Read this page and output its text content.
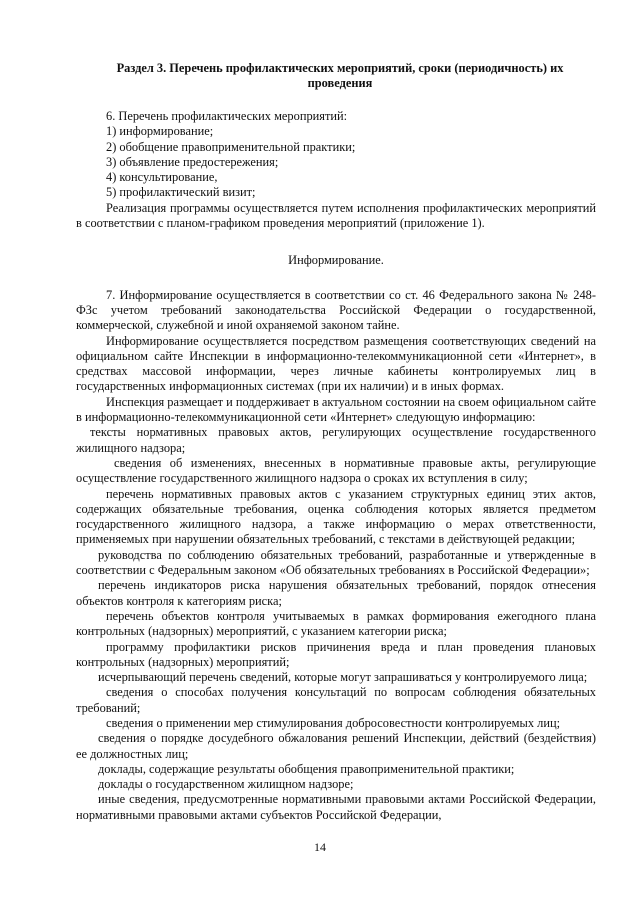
Раздел 3. Перечень профилактических мероприятий, сроки (периодичность) их проведения

6. Перечень профилактических мероприятий:

1) информирование;

2) обобщение правоприменительной практики;

3) объявление предостережения;

4) консультирование,

5) профилактический визит;

Реализация программы осуществляется путем исполнения профилактических мероприятий в соответствии с планом-графиком проведения мероприятий (приложение 1).

Информирование.

7. Информирование осуществляется в соответствии со ст. 46 Федерального закона № 248-ФЗс учетом требований законодательства Российской Федерации о государственной, коммерческой, служебной и иной охраняемой законом тайне.

Информирование осуществляется посредством размещения соответствующих сведений на официальном сайте Инспекции в информационно-телекоммуникационной сети «Интернет», в средствах массовой информации, через личные кабинеты контролируемых лиц в государственных информационных системах (при их наличии) и в иных формах.

Инспекция размещает и поддерживает в актуальном состоянии на своем официальном сайте в информационно-телекоммуникационной сети «Интернет» следующую информацию:

тексты нормативных правовых актов, регулирующих осуществление государственного жилищного надзора;

сведения об изменениях, внесенных в нормативные правовые акты, регулирующие осуществление государственного жилищного надзора о сроках их вступления в силу;

перечень нормативных правовых актов с указанием структурных единиц этих актов, содержащих обязательные требования, оценка соблюдения которых является предметом государственного жилищного надзора, а также информацию о мерах ответственности, применяемых при нарушении обязательных требований, с текстами в действующей редакции;

руководства по соблюдению обязательных требований, разработанные и утвержденные в соответствии с Федеральным законом «Об обязательных требованиях в Российской Федерации»;

перечень индикаторов риска нарушения обязательных требований, порядок отнесения объектов контроля к категориям риска;

перечень объектов контроля учитываемых в рамках формирования ежегодного плана контрольных (надзорных) мероприятий, с указанием категории риска;

программу профилактики рисков причинения вреда и план проведения плановых контрольных (надзорных) мероприятий;

исчерпывающий перечень сведений, которые могут запрашиваться у контролируемого лица;

сведения о способах получения консультаций по вопросам соблюдения обязательных требований;

сведения о применении мер стимулирования добросовестности контролируемых лиц;

сведения о порядке досудебного обжалования решений Инспекции, действий (бездействия) ее должностных лиц;

доклады, содержащие результаты обобщения правоприменительной практики;

доклады о государственном жилищном надзоре;

иные сведения, предусмотренные нормативными правовыми актами Российской Федерации, нормативными правовыми актами субъектов Российской Федерации,

14
